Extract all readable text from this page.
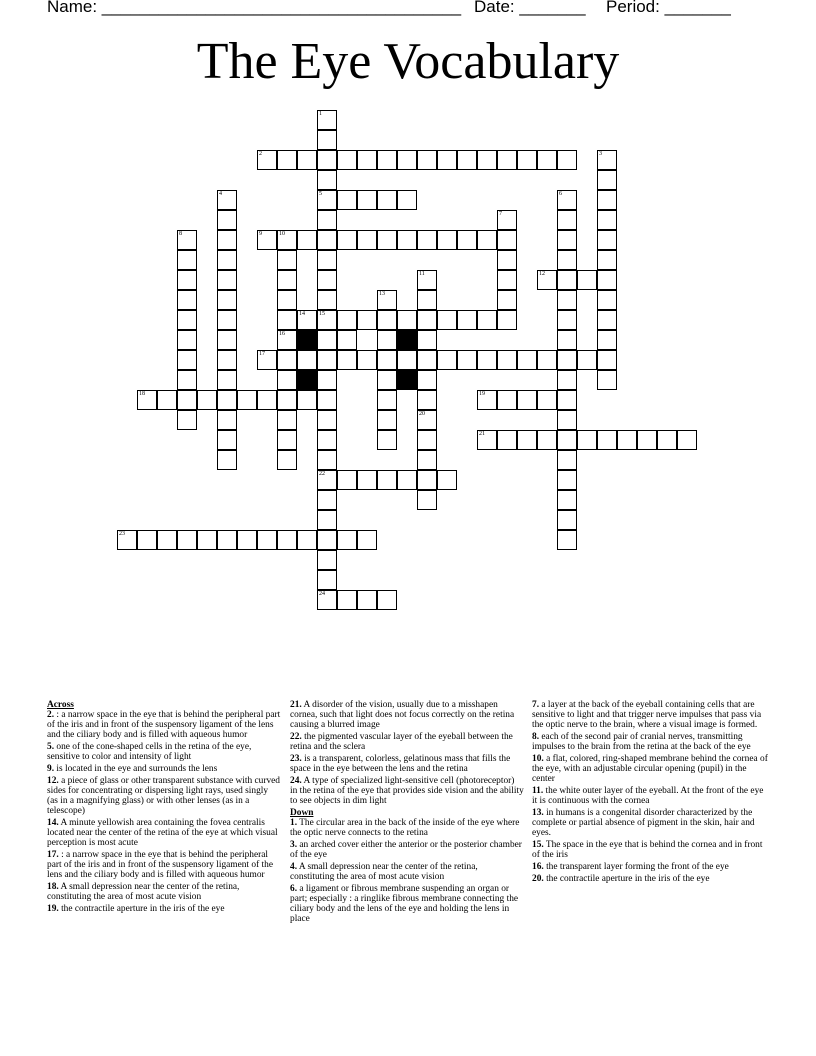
Name: ______________________________________ Date: _______ Period: _______
The Eye Vocabulary
2
5
9	10
12
14 15
17
18	19
21
22
23
24
1
3
4	6
7
8
16
11
20
13

Across

2. : a narrow space in the eye that is behind the peripheral part of the iris and in front of the suspensory ligament of the lens and the ciliary body and is filled with aqueous humor

5. one of the cone-shaped cells in the retina of the eye, sensitive to color and intensity of light

9. is located in the eye and surrounds the lens

12. a piece of glass or other transparent substance with curved sides for concentrating or dispersing light rays, used singly (as in a magnifying glass) or with other lenses (as in a telescope)

14. A minute yellowish area containing the fovea centralis located near the center of the retina of the eye at which visual perception is most acute

17. : a narrow space in the eye that is behind the peripheral part of the iris and in front of the suspensory ligament of the lens and the ciliary body and is filled with aqueous humor

18. A small depression near the center of the retina, constituting the area of most acute vision

19. the contractile aperture in the iris of the eye

21. A disorder of the vision, usually due to a misshapen cornea, such that light does not focus correctly on the retina causing a blurred image

22. the pigmented vascular layer of the eyeball between the retina and the sclera

23. is a transparent, colorless, gelatinous mass that fills the space in the eye between the lens and the retina

24. A type of specialized light-sensitive cell (photoreceptor) in the retina of the eye that provides side vision and the ability to see objects in dim light

Down

1. The circular area in the back of the inside of the eye where the optic nerve connects to the retina

3. an arched cover either the anterior or the posterior chamber of the eye

4. A small depression near the center of the retina, constituting the area of most acute vision

6. a ligament or fibrous membrane suspending an organ or part; especially : a ringlike fibrous membrane connecting the ciliary body and the lens of the eye and holding the lens in place

7. a layer at the back of the eyeball containing cells that are sensitive to light and that trigger nerve impulses that pass via the optic nerve to the brain, where a visual image is formed.

8. each of the second pair of cranial nerves, transmitting impulses to the brain from the retina at the back of the eye

10. a flat, colored, ring-shaped membrane behind the cornea of the eye, with an adjustable circular opening (pupil) in the center

11. the white outer layer of the eyeball. At the front of the eye it is continuous with the cornea

13. in humans is a congenital disorder characterized by the complete or partial absence of pigment in the skin, hair and eyes.

15. The space in the eye that is behind the cornea and in front of the iris

16. the transparent layer forming the front of the eye

20. the contractile aperture in the iris of the eye
